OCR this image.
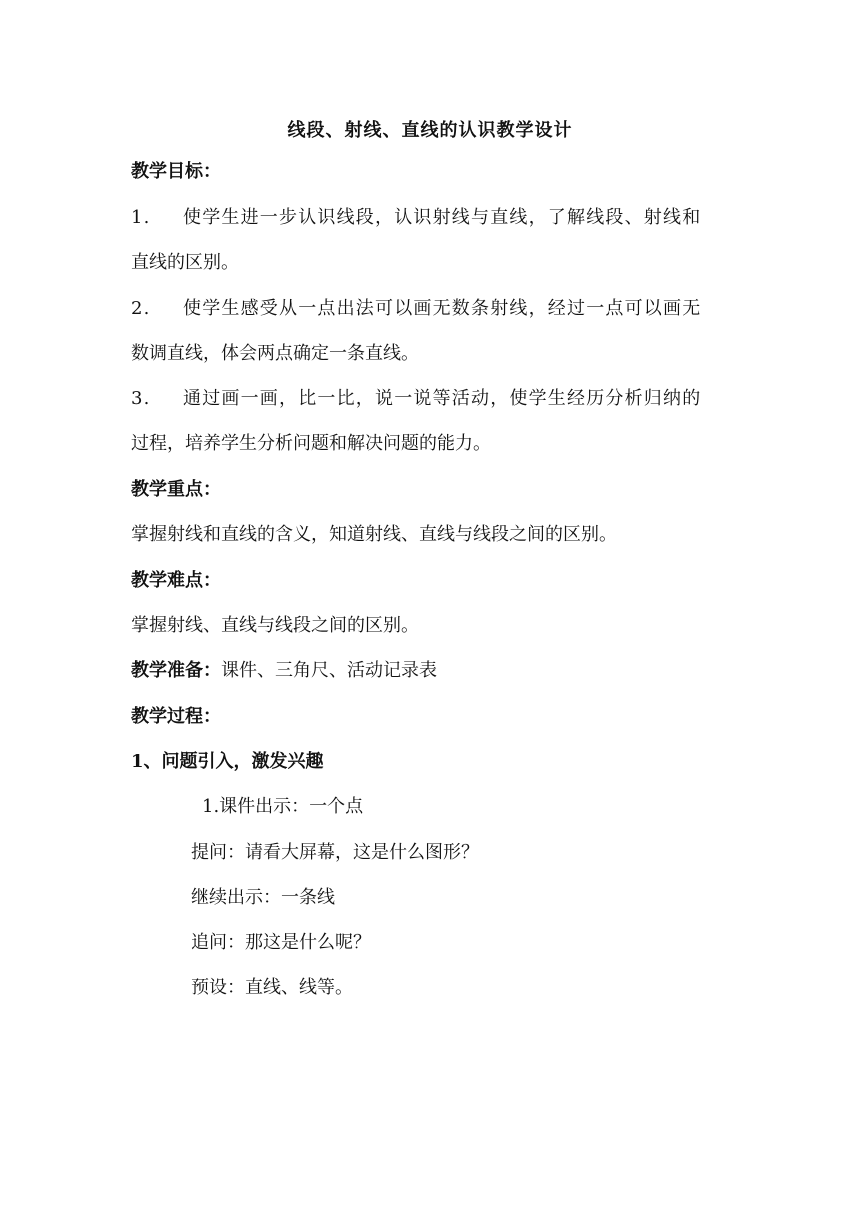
线段、射线、直线的认识教学设计
教学目标：
1. 使学生进一步认识线段，认识射线与直线，了解线段、射线和
直线的区别。
2. 使学生感受从一点出法可以画无数条射线，经过一点可以画无
数调直线，体会两点确定一条直线。
3. 通过画一画，比一比，说一说等活动，使学生经历分析归纳的
过程，培养学生分析问题和解决问题的能力。
教学重点：
掌握射线和直线的含义，知道射线、直线与线段之间的区别。
教学难点：
掌握射线、直线与线段之间的区别。
教学准备：课件、三角尺、活动记录表
教学过程：
1、问题引入，激发兴趣
1.课件出示：一个点
提问：请看大屏幕，这是什么图形？
继续出示：一条线
追问：那这是什么呢？
预设：直线、线等。
